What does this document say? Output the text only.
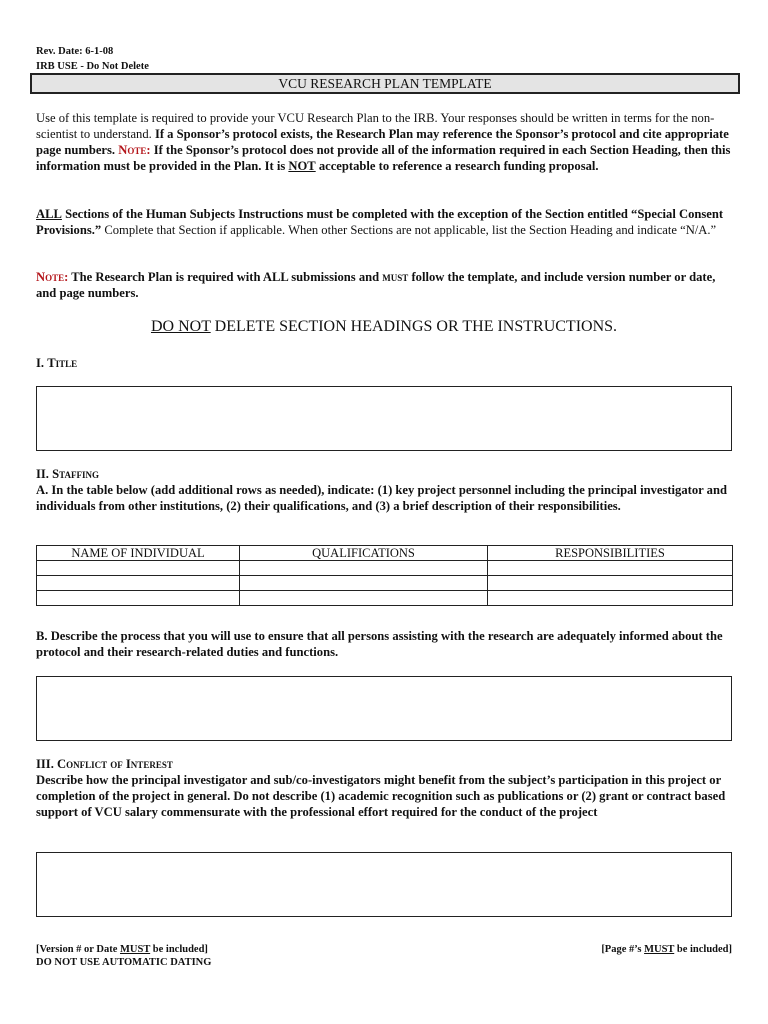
Rev. Date: 6-1-08
IRB USE - Do Not Delete
VCU RESEARCH PLAN TEMPLATE
Use of this template is required to provide your VCU Research Plan to the IRB. Your responses should be written in terms for the non-scientist to understand. If a Sponsor’s protocol exists, the Research Plan may reference the Sponsor’s protocol and cite appropriate page numbers. Note: If the Sponsor’s protocol does not provide all of the information required in each Section Heading, then this information must be provided in the Plan. It is NOT acceptable to reference a research funding proposal.
ALL Sections of the Human Subjects Instructions must be completed with the exception of the Section entitled “Special Consent Provisions.” Complete that Section if applicable. When other Sections are not applicable, list the Section Heading and indicate “N/A.”
Note: The Research Plan is required with ALL submissions and must follow the template, and include version number or date, and page numbers.
DO NOT DELETE SECTION HEADINGS OR THE INSTRUCTIONS.
I. Title
II. Staffing
A. In the table below (add additional rows as needed), indicate: (1) key project personnel including the principal investigator and individuals from other institutions, (2) their qualifications, and (3) a brief description of their responsibilities.
NAME OF INDIVIDUAL	QUALIFICATIONS	RESPONSIBILITIES

B. Describe the process that you will use to ensure that all persons assisting with the research are adequately informed about the protocol and their research-related duties and functions.
III. Conflict of Interest
Describe how the principal investigator and sub/co-investigators might benefit from the subject’s participation in this project or completion of the project in general. Do not describe (1) academic recognition such as publications or (2) grant or contract based support of VCU salary commensurate with the professional effort required for the conduct of the project
[Version # or Date MUST be included]
DO NOT USE AUTOMATIC DATING
[Page #’s MUST be included]
